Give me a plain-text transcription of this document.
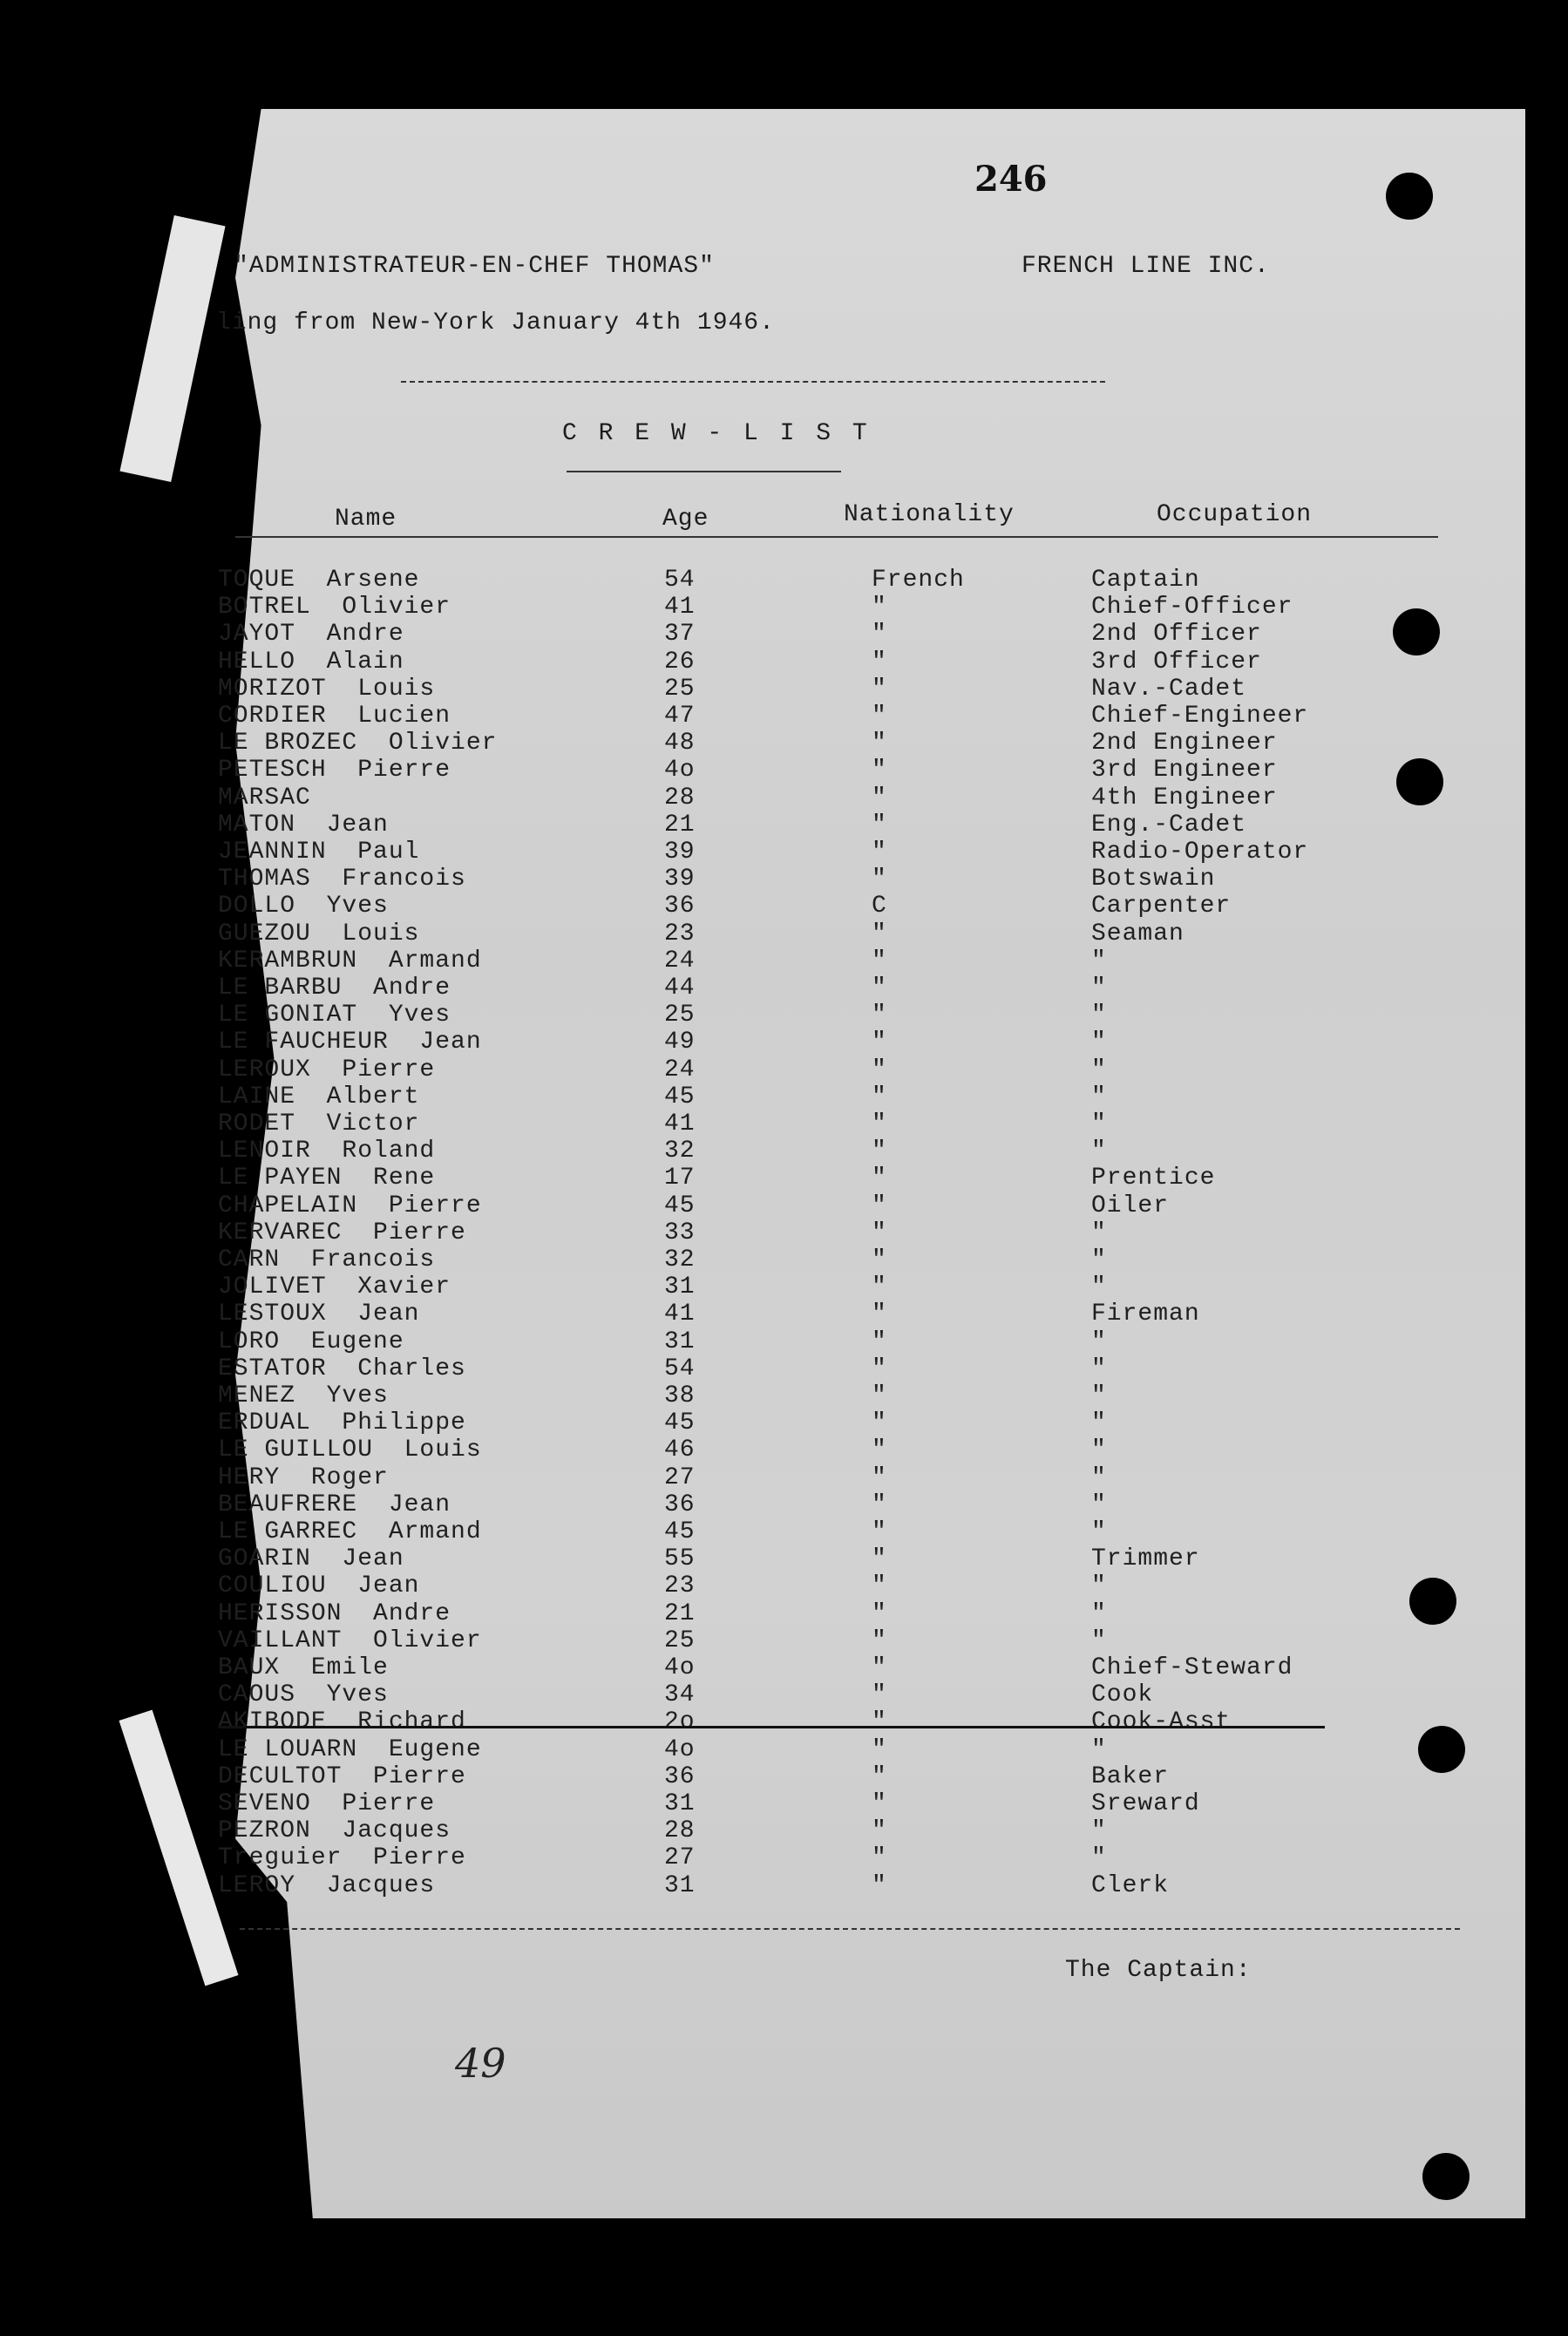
246
"ADMINISTRATEUR-EN-CHEF THOMAS"	FRENCH LINE INC.
ling from New-York January 4th 1946.
C R E W - L I S T
Name	Age	Nationality	Occupation
TOQUE  Arsene	54	French	Captain
BOTREL  Olivier	41	"	Chief-Officer
JAYOT  Andre	37	"	2nd Officer
HELLO  Alain	26	"	3rd Officer
MORIZOT  Louis	25	"	Nav.-Cadet
CORDIER  Lucien	47	"	Chief-Engineer
LE BROZEC  Olivier	48	"	2nd Engineer
PETESCH  Pierre	4o	"	3rd Engineer
MARSAC	28	"	4th Engineer
MATON  Jean	21	"	Eng.-Cadet
JEANNIN  Paul	39	"	Radio-Operator
THOMAS  Francois	39	"	Botswain
DOLLO  Yves	36	C	Carpenter
GUEZOU  Louis	23	"	Seaman
KERAMBRUN  Armand	24	"	"
LE BARBU  Andre	44	"	"
LE GONIAT  Yves	25	"	"
LE FAUCHEUR  Jean	49	"	"
LEROUX  Pierre	24	"	"
LAINE  Albert	45	"	"
RODET  Victor	41	"	"
LENOIR  Roland	32	"	"
LE PAYEN  Rene	17	"	Prentice
CHAPELAIN  Pierre	45	"	Oiler
KERVAREC  Pierre	33	"	"
CARN  Francois	32	"	"
JOLIVET  Xavier	31	"	"
LESTOUX  Jean	41	"	Fireman
LORO  Eugene	31	"	"
ESTATOR  Charles	54	"	"
MENEZ  Yves	38	"	"
ERDUAL  Philippe	45	"	"
LE GUILLOU  Louis	46	"	"
HERY  Roger	27	"	"
BEAUFRERE  Jean	36	"	"
LE GARREC  Armand	45	"	"
GOARIN  Jean	55	"	Trimmer
COULIOU  Jean	23	"	"
HERISSON  Andre	21	"	"
VAILLANT  Olivier	25	"	"
BAUX  Emile	4o	"	Chief-Steward
CAOUS  Yves	34	"	Cook
AKIBODE  Richard	2o	"	Cook-Asst
LE LOUARN  Eugene	4o	"	"
DECULTOT  Pierre	36	"	Baker
SEVENO  Pierre	31	"	Sreward
PEZRON  Jacques	28	"	"
Treguier  Pierre	27	"	"
LEROY  Jacques	31	"	Clerk
The Captain:
49
